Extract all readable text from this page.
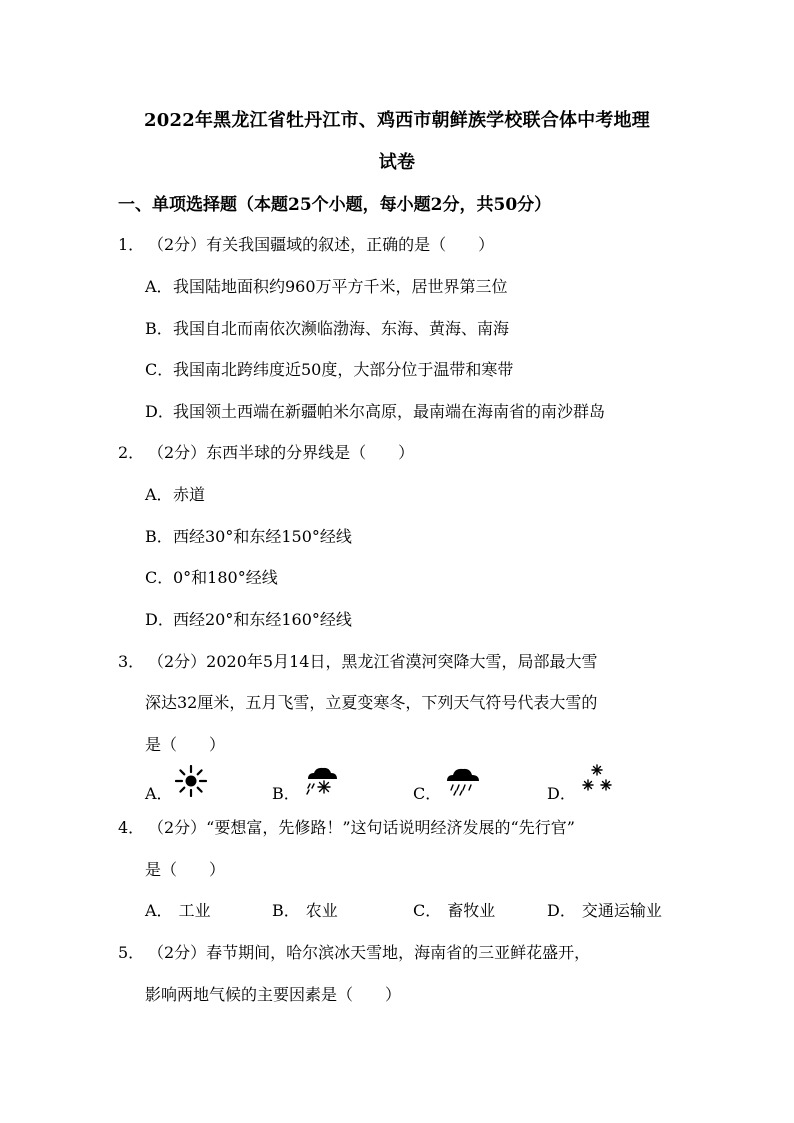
2022年黑龙江省牡丹江市、鸡西市朝鲜族学校联合体中考地理
试卷
一、单项选择题（本题25个小题，每小题2分，共50分）
1． （2分）有关我国疆域的叙述，正确的是（　　）
A．我国陆地面积约960万平方千米，居世界第三位
B．我国自北而南依次濒临渤海、东海、黄海、南海
C．我国南北跨纬度近50度，大部分位于温带和寒带
D．我国领土西端在新疆帕米尔高原，最南端在海南省的南沙群岛
2． （2分）东西半球的分界线是（　　）
A．赤道
B．西经30°和东经150°经线
C．0°和180°经线
D．西经20°和东经160°经线
3． （2分）2020年5月14日，黑龙江省漠河突降大雪，局部最大雪
深达32厘米，五月飞雪，立夏变寒冬，下列天气符号代表大雪的
是（　　）
A．	B．	C．	D．
4． （2分）“要想富，先修路！”这句话说明经济发展的“先行官”
是（　　）
A． 工业	B． 农业	C． 畜牧业	D． 交通运输业
5． （2分）春节期间，哈尔滨冰天雪地，海南省的三亚鲜花盛开，
影响两地气候的主要因素是（　　）
